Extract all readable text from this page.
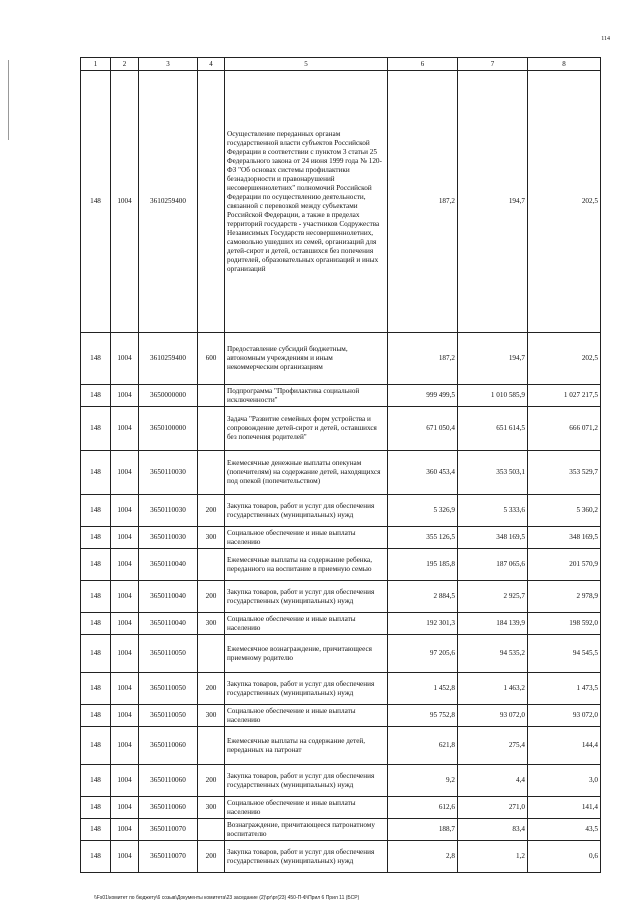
114
1	2	3	4	5	6	7	8
148	1004	3610259400		Осуществление переданных органам государственной власти субъектов Российской Федерации в соответствии с пунктом 3 статьи 25 Федерального закона от 24 июня 1999 года № 120-ФЗ "Об основах системы профилактики безнадзорности и правонарушений несовершеннолетних" полномочий Российской Федерации по осуществлению деятельности, связанной с перевозкой между субъектами Российской Федерации, а также в пределах территорий государств - участников Содружества Независимых Государств несовершеннолетних, самовольно ушедших из семей, организаций для детей-сирот и детей, оставшихся без попечения родителей, образовательных организаций и иных организаций	187,2	194,7	202,5
148	1004	3610259400	600	Предоставление субсидий бюджетным, автономным учреждениям и иным некоммерческим организациям	187,2	194,7	202,5
148	1004	3650000000		Подпрограмма "Профилактика социальной исключенности"	999 499,5	1 010 585,9	1 027 217,5
148	1004	3650100000		Задача "Развитие семейных форм устройства и сопровождение детей-сирот и детей, оставшихся без попечения родителей"	671 050,4	651 614,5	666 071,2
148	1004	3650110030		Ежемесячные денежные выплаты опекунам (попечителям) на содержание детей, находящихся под опекой (попечительством)	360 453,4	353 503,1	353 529,7
148	1004	3650110030	200	Закупка товаров, работ и услуг для обеспечения государственных (муниципальных) нужд	5 326,9	5 333,6	5 360,2
148	1004	3650110030	300	Социальное обеспечение и иные выплаты населению	355 126,5	348 169,5	348 169,5
148	1004	3650110040		Ежемесячные выплаты на содержание ребенка, переданного на воспитание в приемную семью	195 185,8	187 065,6	201 570,9
148	1004	3650110040	200	Закупка товаров, работ и услуг для обеспечения государственных (муниципальных) нужд	2 884,5	2 925,7	2 978,9
148	1004	3650110040	300	Социальное обеспечение и иные выплаты населению	192 301,3	184 139,9	198 592,0
148	1004	3650110050		Ежемесячное вознаграждение, причитающееся приемному родителю	97 205,6	94 535,2	94 545,5
148	1004	3650110050	200	Закупка товаров, работ и услуг для обеспечения государственных (муниципальных) нужд	1 452,8	1 463,2	1 473,5
148	1004	3650110050	300	Социальное обеспечение и иные выплаты населению	95 752,8	93 072,0	93 072,0
148	1004	3650110060		Ежемесячные выплаты на содержание детей, переданных на патронат	621,8	275,4	144,4
148	1004	3650110060	200	Закупка товаров, работ и услуг для обеспечения государственных (муниципальных) нужд	9,2	4,4	3,0
148	1004	3650110060	300	Социальное обеспечение и иные выплаты населению	612,6	271,0	141,4
148	1004	3650110070		Вознаграждение, причитающееся патронатному воспитателю	188,7	83,4	43,5
148	1004	3650110070	200	Закупка товаров, работ и услуг для обеспечения государственных (муниципальных) нужд	2,8	1,2	0,6
\\Fs01\комитет по бюджету\6 созыв\Документы комитета\23 заседание (2)\рг\рг(23) 450-П-Ф\Прил 6 Прил 11 (БСР)
